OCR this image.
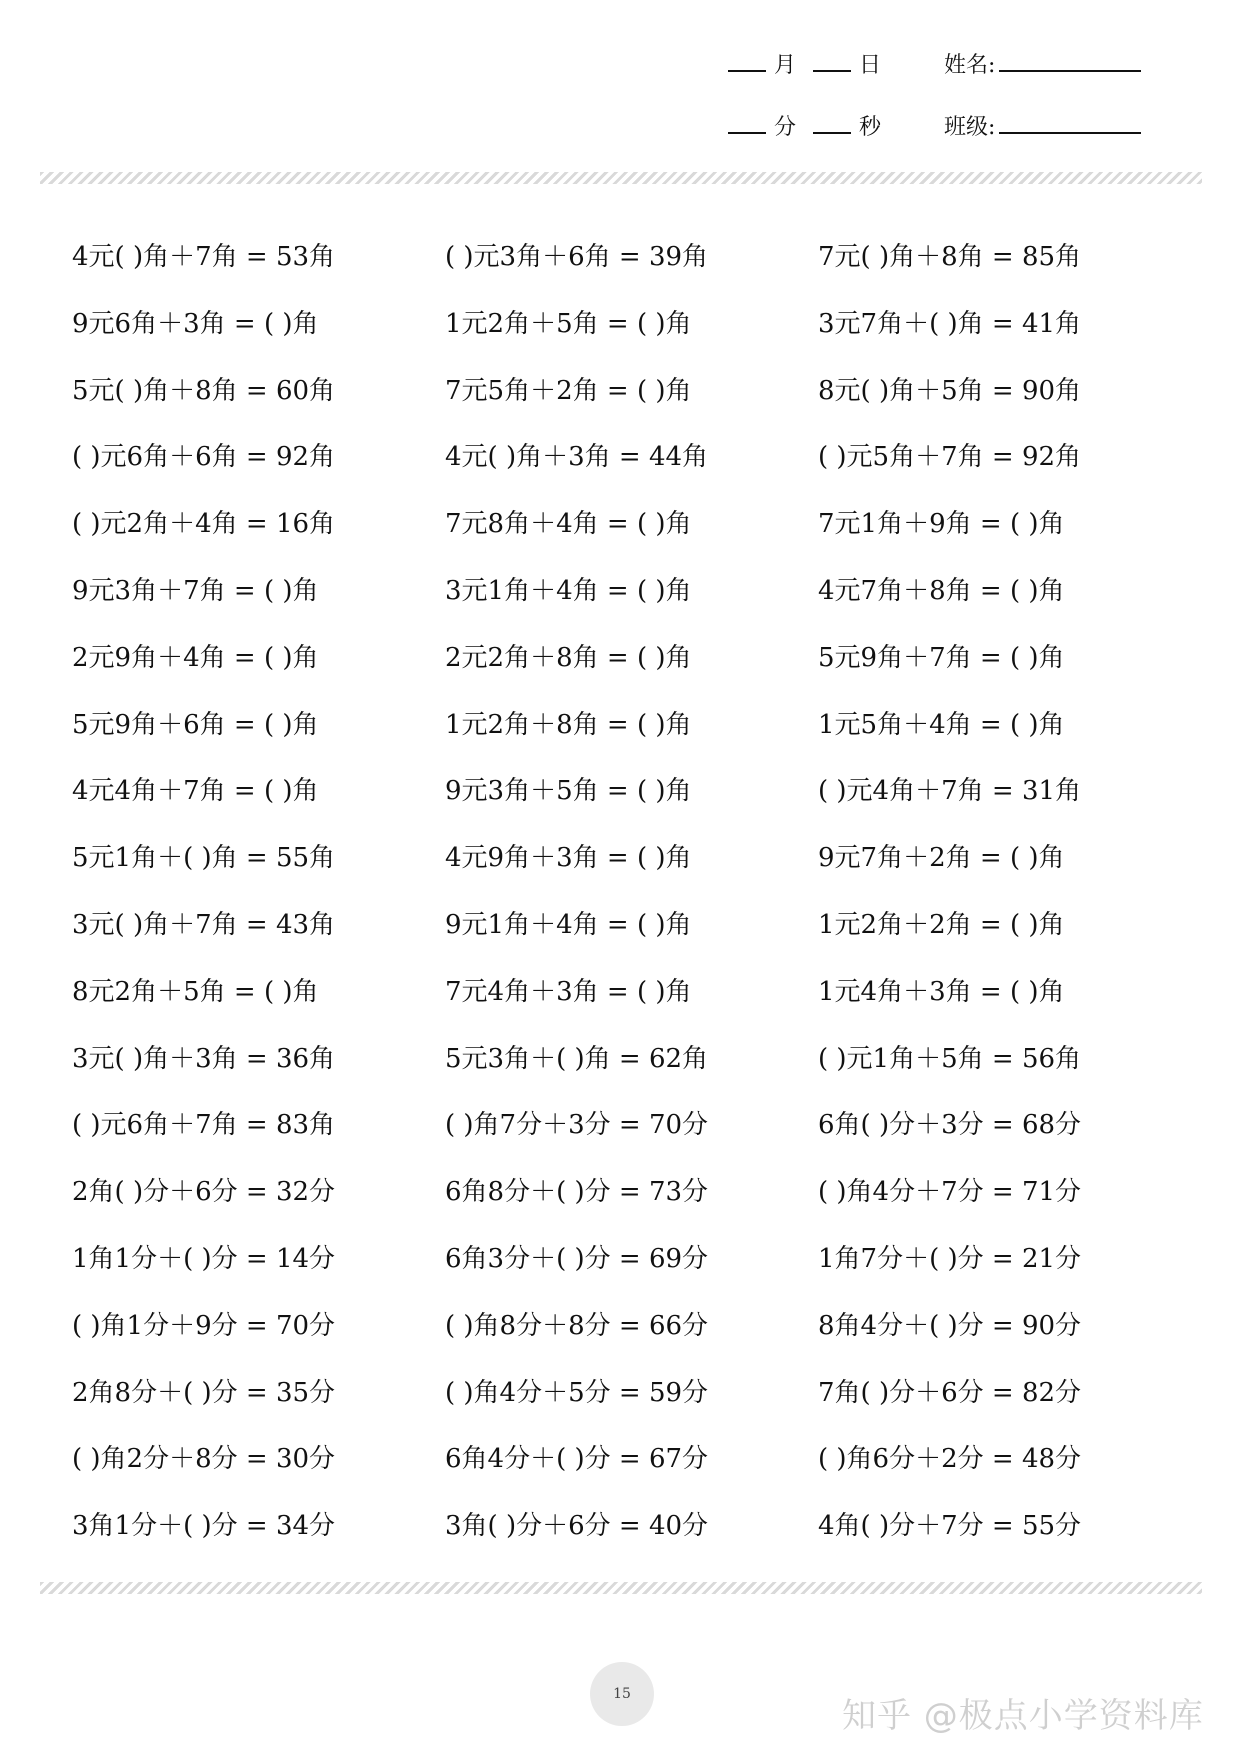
月	日	姓名:
分	秒	班级:
4元( )角＋7角 = 53角	( )元3角＋6角 = 39角	7元( )角＋8角 = 85角
9元6角＋3角 = ( )角	1元2角＋5角 = ( )角	3元7角＋( )角 = 41角
5元( )角＋8角 = 60角	7元5角＋2角 = ( )角	8元( )角＋5角 = 90角
( )元6角＋6角 = 92角	4元( )角＋3角 = 44角	( )元5角＋7角 = 92角
( )元2角＋4角 = 16角	7元8角＋4角 = ( )角	7元1角＋9角 = ( )角
9元3角＋7角 = ( )角	3元1角＋4角 = ( )角	4元7角＋8角 = ( )角
2元9角＋4角 = ( )角	2元2角＋8角 = ( )角	5元9角＋7角 = ( )角
5元9角＋6角 = ( )角	1元2角＋8角 = ( )角	1元5角＋4角 = ( )角
4元4角＋7角 = ( )角	9元3角＋5角 = ( )角	( )元4角＋7角 = 31角
5元1角＋( )角 = 55角	4元9角＋3角 = ( )角	9元7角＋2角 = ( )角
3元( )角＋7角 = 43角	9元1角＋4角 = ( )角	1元2角＋2角 = ( )角
8元2角＋5角 = ( )角	7元4角＋3角 = ( )角	1元4角＋3角 = ( )角
3元( )角＋3角 = 36角	5元3角＋( )角 = 62角	( )元1角＋5角 = 56角
( )元6角＋7角 = 83角	( )角7分＋3分 = 70分	6角( )分＋3分 = 68分
2角( )分＋6分 = 32分	6角8分＋( )分 = 73分	( )角4分＋7分 = 71分
1角1分＋( )分 = 14分	6角3分＋( )分 = 69分	1角7分＋( )分 = 21分
( )角1分＋9分 = 70分	( )角8分＋8分 = 66分	8角4分＋( )分 = 90分
2角8分＋( )分 = 35分	( )角4分＋5分 = 59分	7角( )分＋6分 = 82分
( )角2分＋8分 = 30分	6角4分＋( )分 = 67分	( )角6分＋2分 = 48分
3角1分＋( )分 = 34分	3角( )分＋6分 = 40分	4角( )分＋7分 = 55分
15
知乎 @极点小学资料库
